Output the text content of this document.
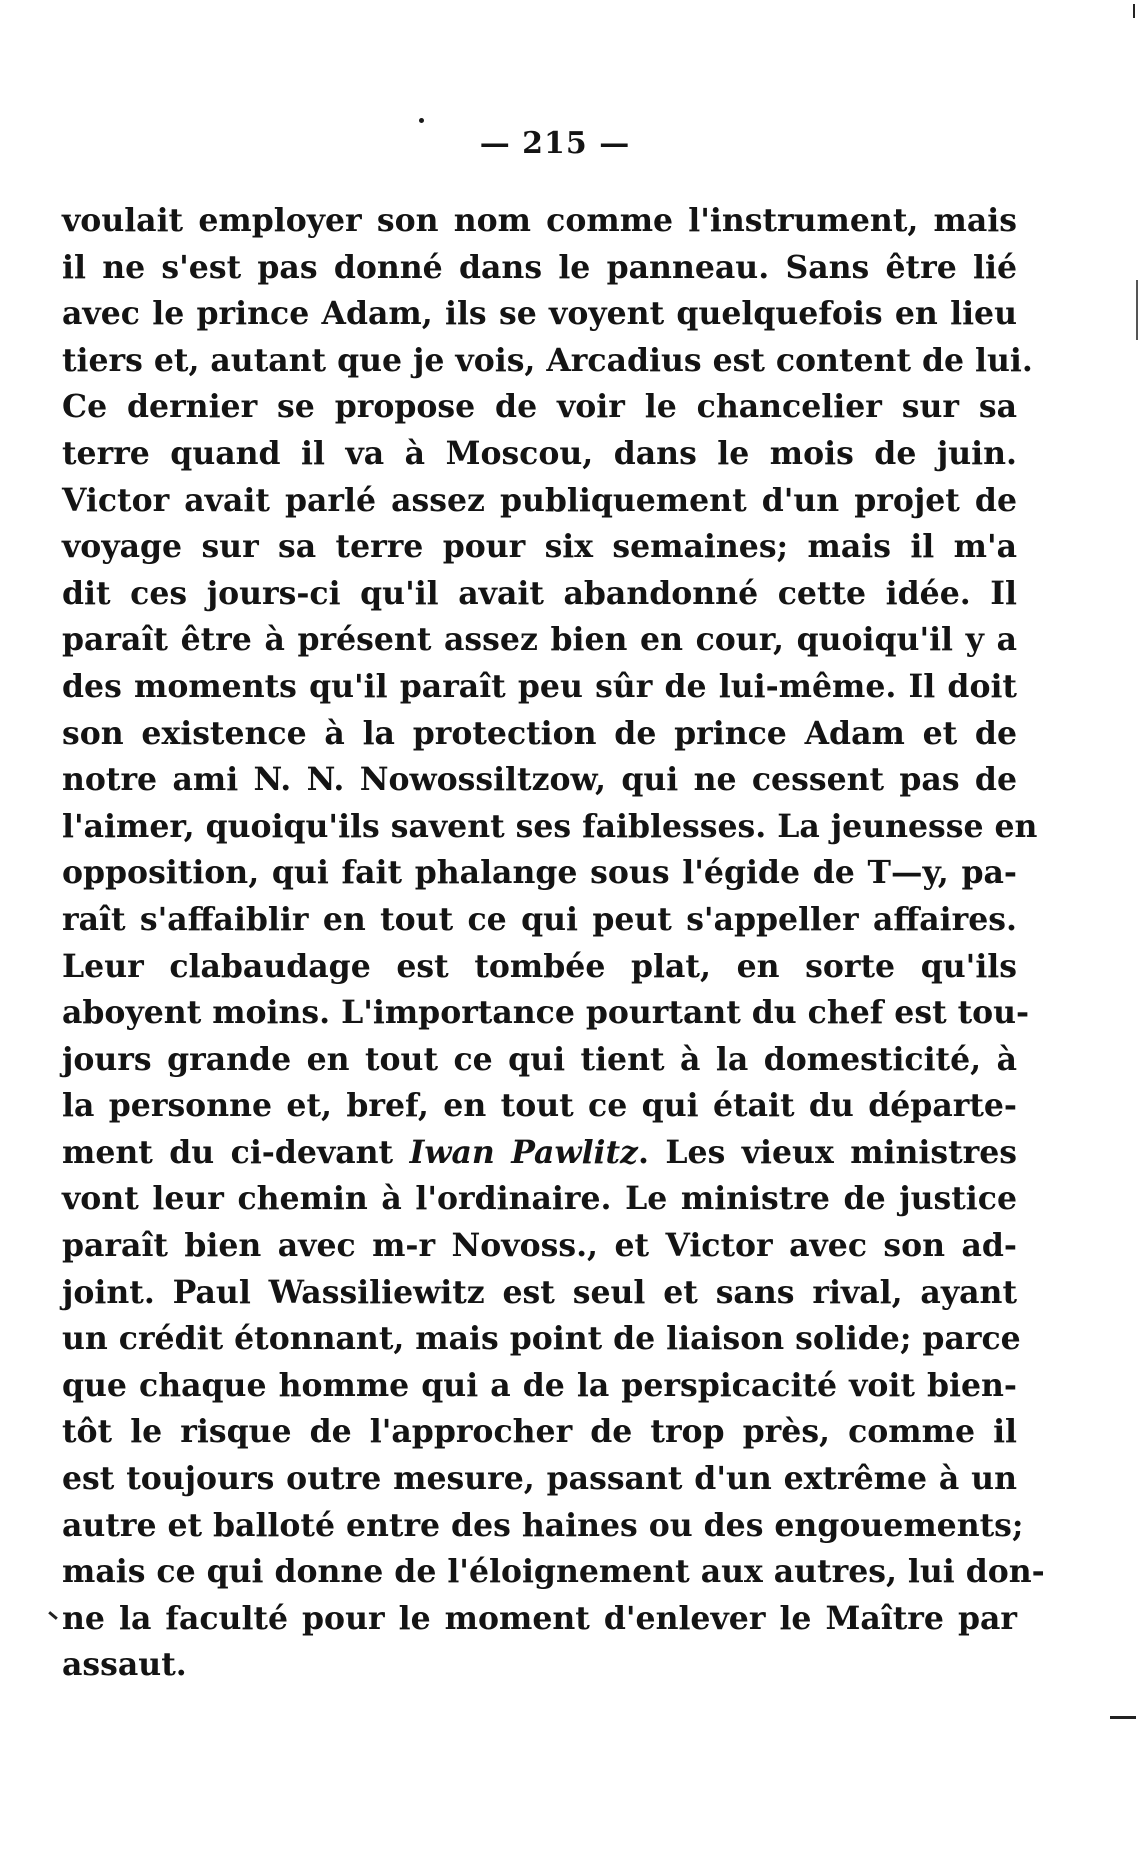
— 215 —
voulait employer son nom comme l'instrument, mais
il ne s'est pas donné dans le panneau. Sans être lié
avec le prince Adam, ils se voyent quelquefois en lieu
tiers et, autant que je vois, Arcadius est content de lui.
Ce dernier se propose de voir le chancelier sur sa
terre quand il va à Moscou, dans le mois de juin.
Victor avait parlé assez publiquement d'un projet de
voyage sur sa terre pour six semaines; mais il m'a
dit ces jours-ci qu'il avait abandonné cette idée. Il
paraît être à présent assez bien en cour, quoiqu'il y a
des moments qu'il paraît peu sûr de lui-même. Il doit
son existence à la protection de prince Adam et de
notre ami N. N. Nowossiltzow, qui ne cessent pas de
l'aimer, quoiqu'ils savent ses faiblesses. La jeunesse en
opposition, qui fait phalange sous l'égide de T—y, pa-
raît s'affaiblir en tout ce qui peut s'appeller affaires.
Leur clabaudage est tombée plat, en sorte qu'ils
aboyent moins. L'importance pourtant du chef est tou-
jours grande en tout ce qui tient à la domesticité, à
la personne et, bref, en tout ce qui était du départe-
ment du ci-devant Iwan Pawlitz. Les vieux ministres
vont leur chemin à l'ordinaire. Le ministre de justice
paraît bien avec m-r Novoss., et Victor avec son ad-
joint. Paul Wassiliewitz est seul et sans rival, ayant
un crédit étonnant, mais point de liaison solide; parce
que chaque homme qui a de la perspicacité voit bien-
tôt le risque de l'approcher de trop près, comme il
est toujours outre mesure, passant d'un extrême à un
autre et balloté entre des haines ou des engouements;
mais ce qui donne de l'éloignement aux autres, lui don-
ne la faculté pour le moment d'enlever le Maître par
assaut.
